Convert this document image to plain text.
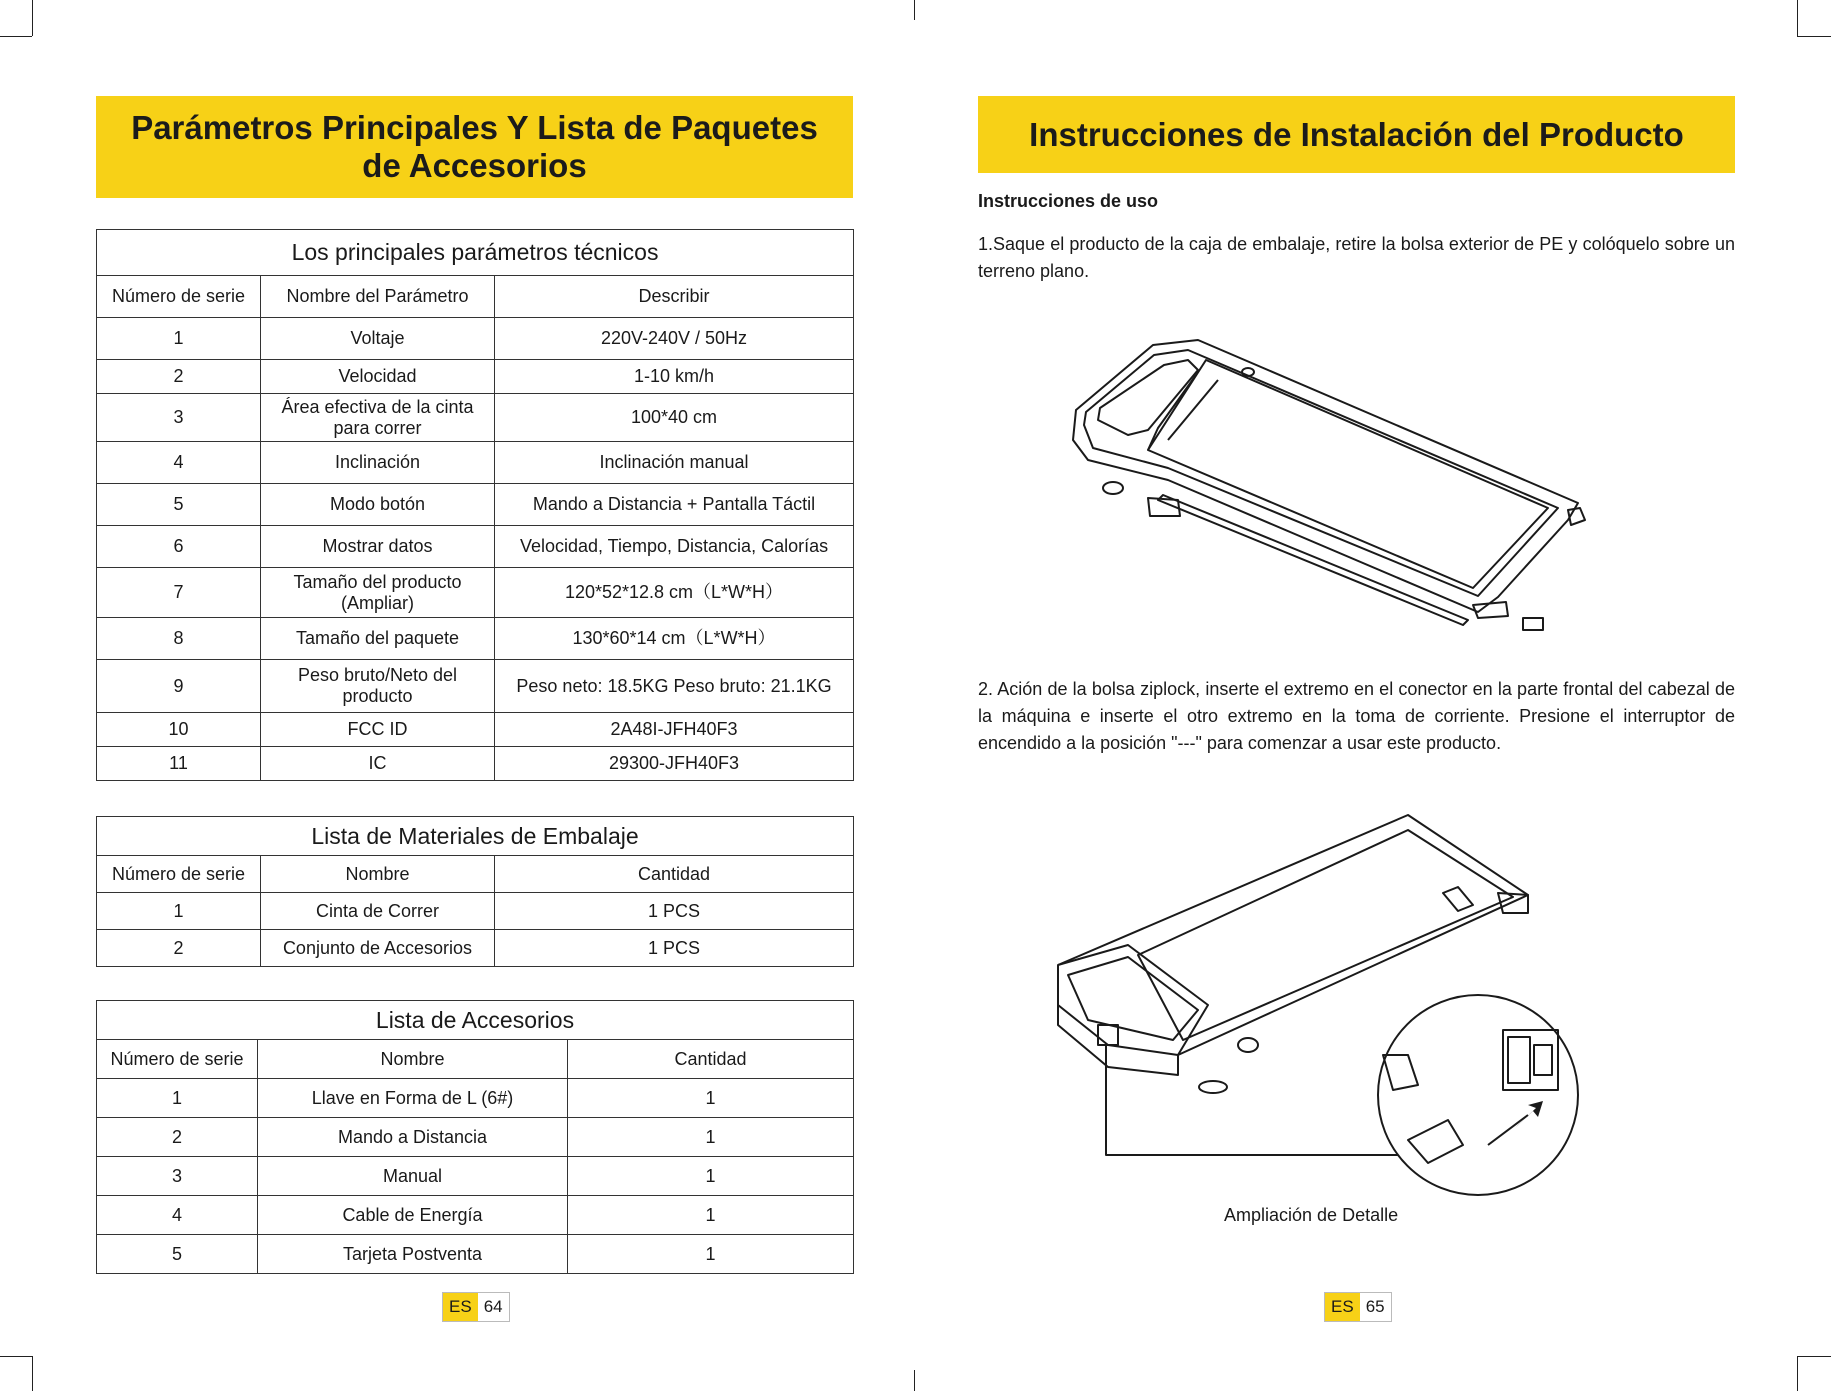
Parámetros Principales Y Lista de Paquetes de Accesorios
Los principales parámetros técnicos		
Número de serie	Nombre del Parámetro	Describir
1	Voltaje	220V-240V / 50Hz
2	Velocidad	1-10 km/h
3	Área efectiva de la cinta para correr	100*40 cm
4	Inclinación	Inclinación manual
5	Modo botón	Mando a Distancia + Pantalla Táctil
6	Mostrar datos	Velocidad, Tiempo, Distancia, Calorías
7	Tamaño del producto (Ampliar)	120*52*12.8 cm（L*W*H）
8	Tamaño del paquete	130*60*14 cm（L*W*H）
9	Peso bruto/Neto del producto	Peso neto: 18.5KG Peso bruto: 21.1KG
10	FCC ID	2A48I-JFH40F3
11	IC	29300-JFH40F3
Lista de Materiales de Embalaje		
Número de serie	Nombre	Cantidad
1	Cinta de Correr	1 PCS
2	Conjunto de Accesorios	1 PCS
Lista de Accesorios		
Número de serie	Nombre	Cantidad
1	Llave en Forma de L (6#)	1
2	Mando a Distancia	1
3	Manual	1
4	Cable de Energía	1
5	Tarjeta Postventa	1
ES 64
Instrucciones de Instalación del Producto
Instrucciones de uso
1.Saque el producto de la caja de embalaje, retire la bolsa exterior de PE y colóquelo sobre un terreno plano.
2. Ación de la bolsa ziplock, inserte el extremo en el conector en la parte frontal del cabezal de la máquina e inserte el otro extremo en la toma de corriente. Presione el interruptor de encendido a la posición "---" para comenzar a usar este producto.
Ampliación de Detalle
ES 65
